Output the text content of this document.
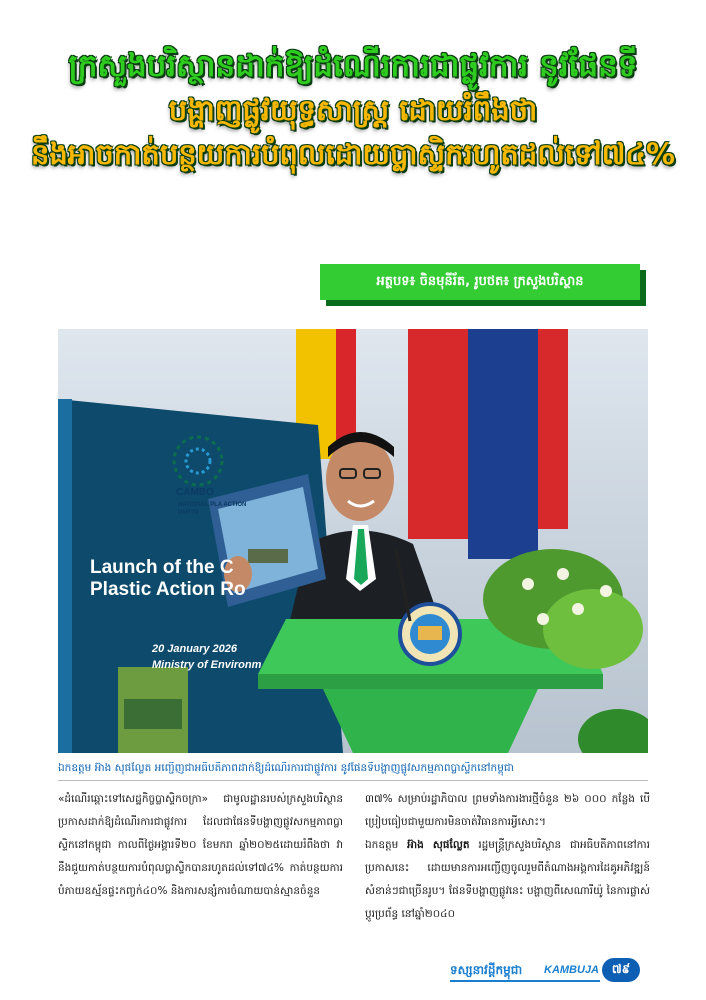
ក្រសួងបរិស្ថានដាក់ឱ្យដំណើរការជាផ្លូវការ នូវផែនទី
បង្ហាញផ្លូវយុទ្ធសាស្រ្ត ដោយរំពឹងថា
នឹងអាចកាត់បន្ថយការបំពុលដោយប្លាស្ទិករហូតដល់ទៅ៧៤%
អត្ថបទ៖ ចិនមុនីរ័ត, រូបថត៖ ក្រសួងបរិស្ថាន
CAMBO
NATIONAL PLA ACTION PARTN
Launch of the C
Plastic Action Ro
20 January 2026
Ministry of Environm
ឯកឧត្តម អ៊ាង សុផល្លែត អញ្ជើញជាអធិបតីភាពដាក់ឱ្យដំណើរការជាផ្លូវការ នូវផែនទីបង្ហាញផ្លូវសកម្មភាពប្លាស្ទិកនៅកម្ពុជា

«ដំណើរឆ្ពោះទៅសេដ្ឋកិច្ចប្លាស្ទិកចក្រា» ជាមូលដ្ឋានរបស់ក្រសួងបរិស្ថាន ប្រកាសដាក់ឱ្យដំណើរការជាផ្លូវការ ដែលជាផែនទីបង្ហាញផ្លូវសកម្មភាពប្លាស្ទិកនៅកម្ពុជា កាលពីថ្ងៃអង្គារទី២០ ខែមករា ឆ្នាំ២០២៥ដោយរំពឹងថា វានឹងជួយកាត់បន្ថយការបំពុលប្លាស្ទិកបានរហូតដល់ទៅ៧៤% កាត់បន្ថយការបំភាយឧស្ម័នផ្ទះកញ្ចក់៤០% និងការសន្សំការចំណាយបាន់ស្មានចំនួន

៣៧% សម្រាប់រដ្ឋាភិបាល ព្រមទាំងការងារថ្មីចំនួន ២៦ ០០០ កន្លែង បើប្រៀបធៀបជាមួយការមិនចាត់វិធានការអ្វីសោះ។

ឯកឧត្តម អ៊ាង សុផល្លែត រដ្ឋមន្ត្រីក្រសួងបរិស្ថាន ជាអធិបតីភាពនៅការប្រកាសនេះ ដោយមានការអញ្ជើញចូលរួមពីតំណាងអង្គការដៃគូអភិវឌ្ឍន៍សំខាន់ៗជាច្រើនរូប។ ផែនទីបង្ហាញផ្លូវនេះ បង្ហាញពីសេណារីយ៉ូ នៃការផ្លាស់ប្តូរប្រព័ន្ធ នៅឆ្នាំ២០៤០

ទស្សនាវដ្តីកម្ពុជា KAMBUJA	៧៩
